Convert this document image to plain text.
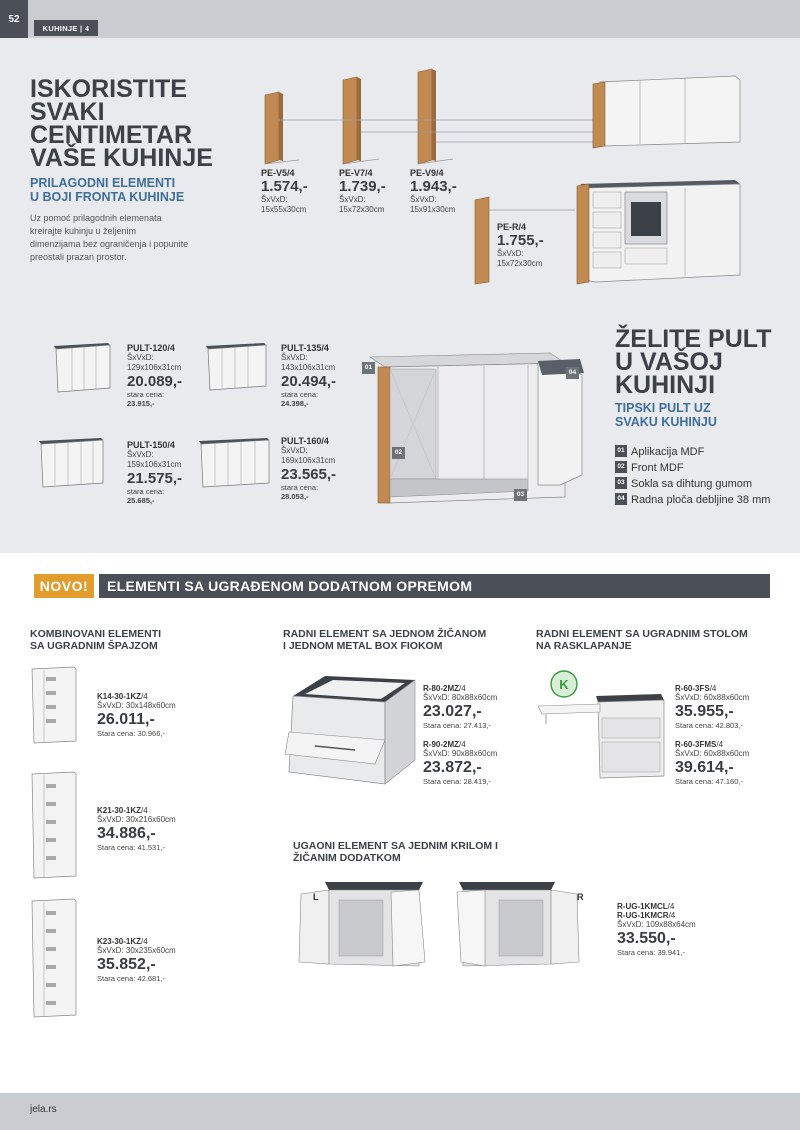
52
KUHINJE | 4
ISKORISTITE
SVAKI
CENTIMETAR
VAŠE KUHINJE
PRILAGODNI ELEMENTI
U BOJI FRONTA KUHINJE
Uz pomoć prilagodnih elemenata
kreirajte kuhinju u željenim
dimenzijama bez ograničenja i popunite
preostali prazan prostor.
PE-V5/4
1.574,-
ŠxVxD:
15x55x30cm
PE-V7/4
1.739,-
ŠxVxD:
15x72x30cm
PE-V9/4
1.943,-
ŠxVxD:
15x91x30cm
PE-R/4
1.755,-
ŠxVxD:
15x72x30cm
PULT-120/4
ŠxVxD:
129x106x31cm
20.089,-
stara cena:
23.915,-
PULT-135/4
ŠxVxD:
143x106x31cm
20.494,-
stara cena:
24.398,-
PULT-150/4
ŠxVxD:
159x106x31cm
21.575,-
stara cena:
25.685,-
PULT-160/4
ŠxVxD:
169x106x31cm
23.565,-
stara cena:
28.053,-
01
02
03
04
ŽELITE PULT
U VAŠOJ
KUHINJI
TIPSKI PULT UZ
SVAKU KUHINJU
01 Aplikacija MDF
02 Front MDF
03 Sokla sa dihtung gumom
04 Radna ploča debljine 38 mm
NOVO!	ELEMENTI SA UGRAĐENOM DODATNOM OPREMOM
KOMBINOVANI ELEMENTI
SA UGRADNIM ŠPAJZOM
RADNI ELEMENT SA JEDNOM ŽIČANOM
I JEDNOM METAL BOX FIOKOM
RADNI ELEMENT SA UGRADNIM STOLOM
NA RASKLAPANJE
K14-30-1KZ/4
ŠxVxD: 30x148x60cm
26.011,-
Stara cena: 30.966,-
K21-30-1KZ/4
ŠxVxD: 30x216x60cm
34.886,-
Stara cena: 41.531,-
K23-30-1KZ/4
ŠxVxD: 30x235x60cm
35.852,-
Stara cena: 42.681,-
R-80-2MZ/4
ŠxVxD: 80x88x60cm
23.027,-
Stara cena: 27.413,-
R-90-2MZ/4
ŠxVxD: 90x88x60cm
23.872,-
Stara cena: 28.419,-
K	R-60-3FS/4
ŠxVxD: 60x88x60cm
35.955,-
Stara cena: 42.803,-
R-60-3FMS/4
ŠxVxD: 60x88x60cm
39.614,-
Stara cena: 47.160,-
UGAONI ELEMENT SA JEDNIM KRILOM I
ŽIČANIM DODATKOM
L	R
R-UG-1KMCL/4
R-UG-1KMCR/4
ŠxVxD: 109x88x64cm
33.550,-
Stara cena: 39.941,-
jela.rs
